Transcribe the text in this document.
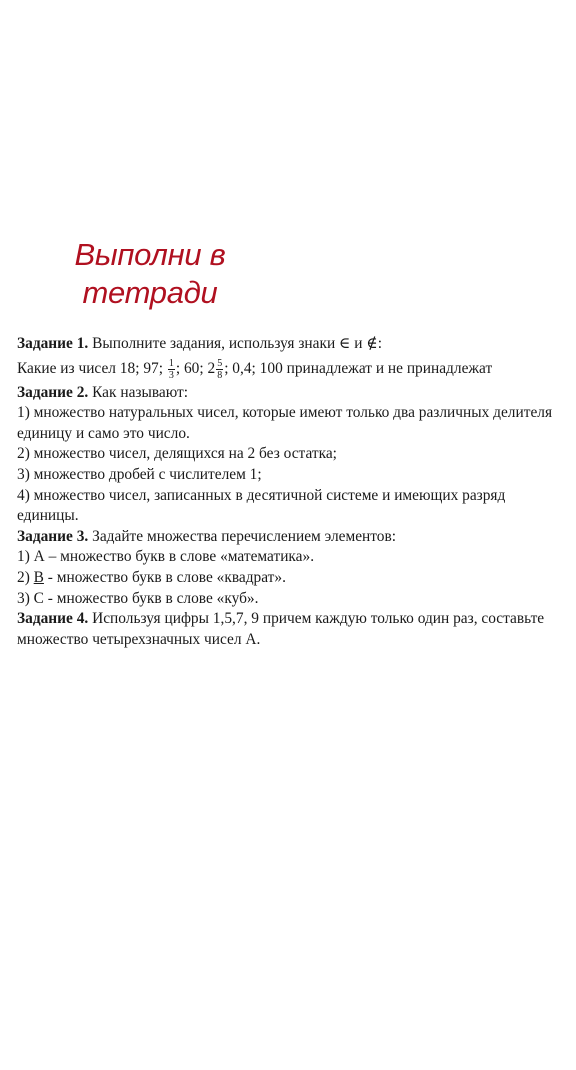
Выполни в
тетради
Задание 1. Выполните задания, используя знаки ∈ и ∉:
Какие из чисел 18; 97; $\frac{1}{3}$ ; 60; $2 \frac{5}{8}$ ; 0,4; 100 принадлежат и не принадлежат
Задание 2. Как называют:
1) множество натуральных чисел, которые имеют только два различных делителя
единицу и само это число.
2) множество чисел, делящихся на 2 без остатка;
3) множество дробей с числителем 1;
4) множество чисел, записанных в десятичной системе и имеющих разряд
единицы.
Задание 3. Задайте множества перечислением элементов:
1) А – множество букв в слове «математика».
2) В - множество букв в слове «квадрат».
3) С - множество букв в слове «куб».
Задание 4. Используя цифры 1,5,7, 9 причем каждую только один раз, составьте
множество четырехзначных чисел А.
